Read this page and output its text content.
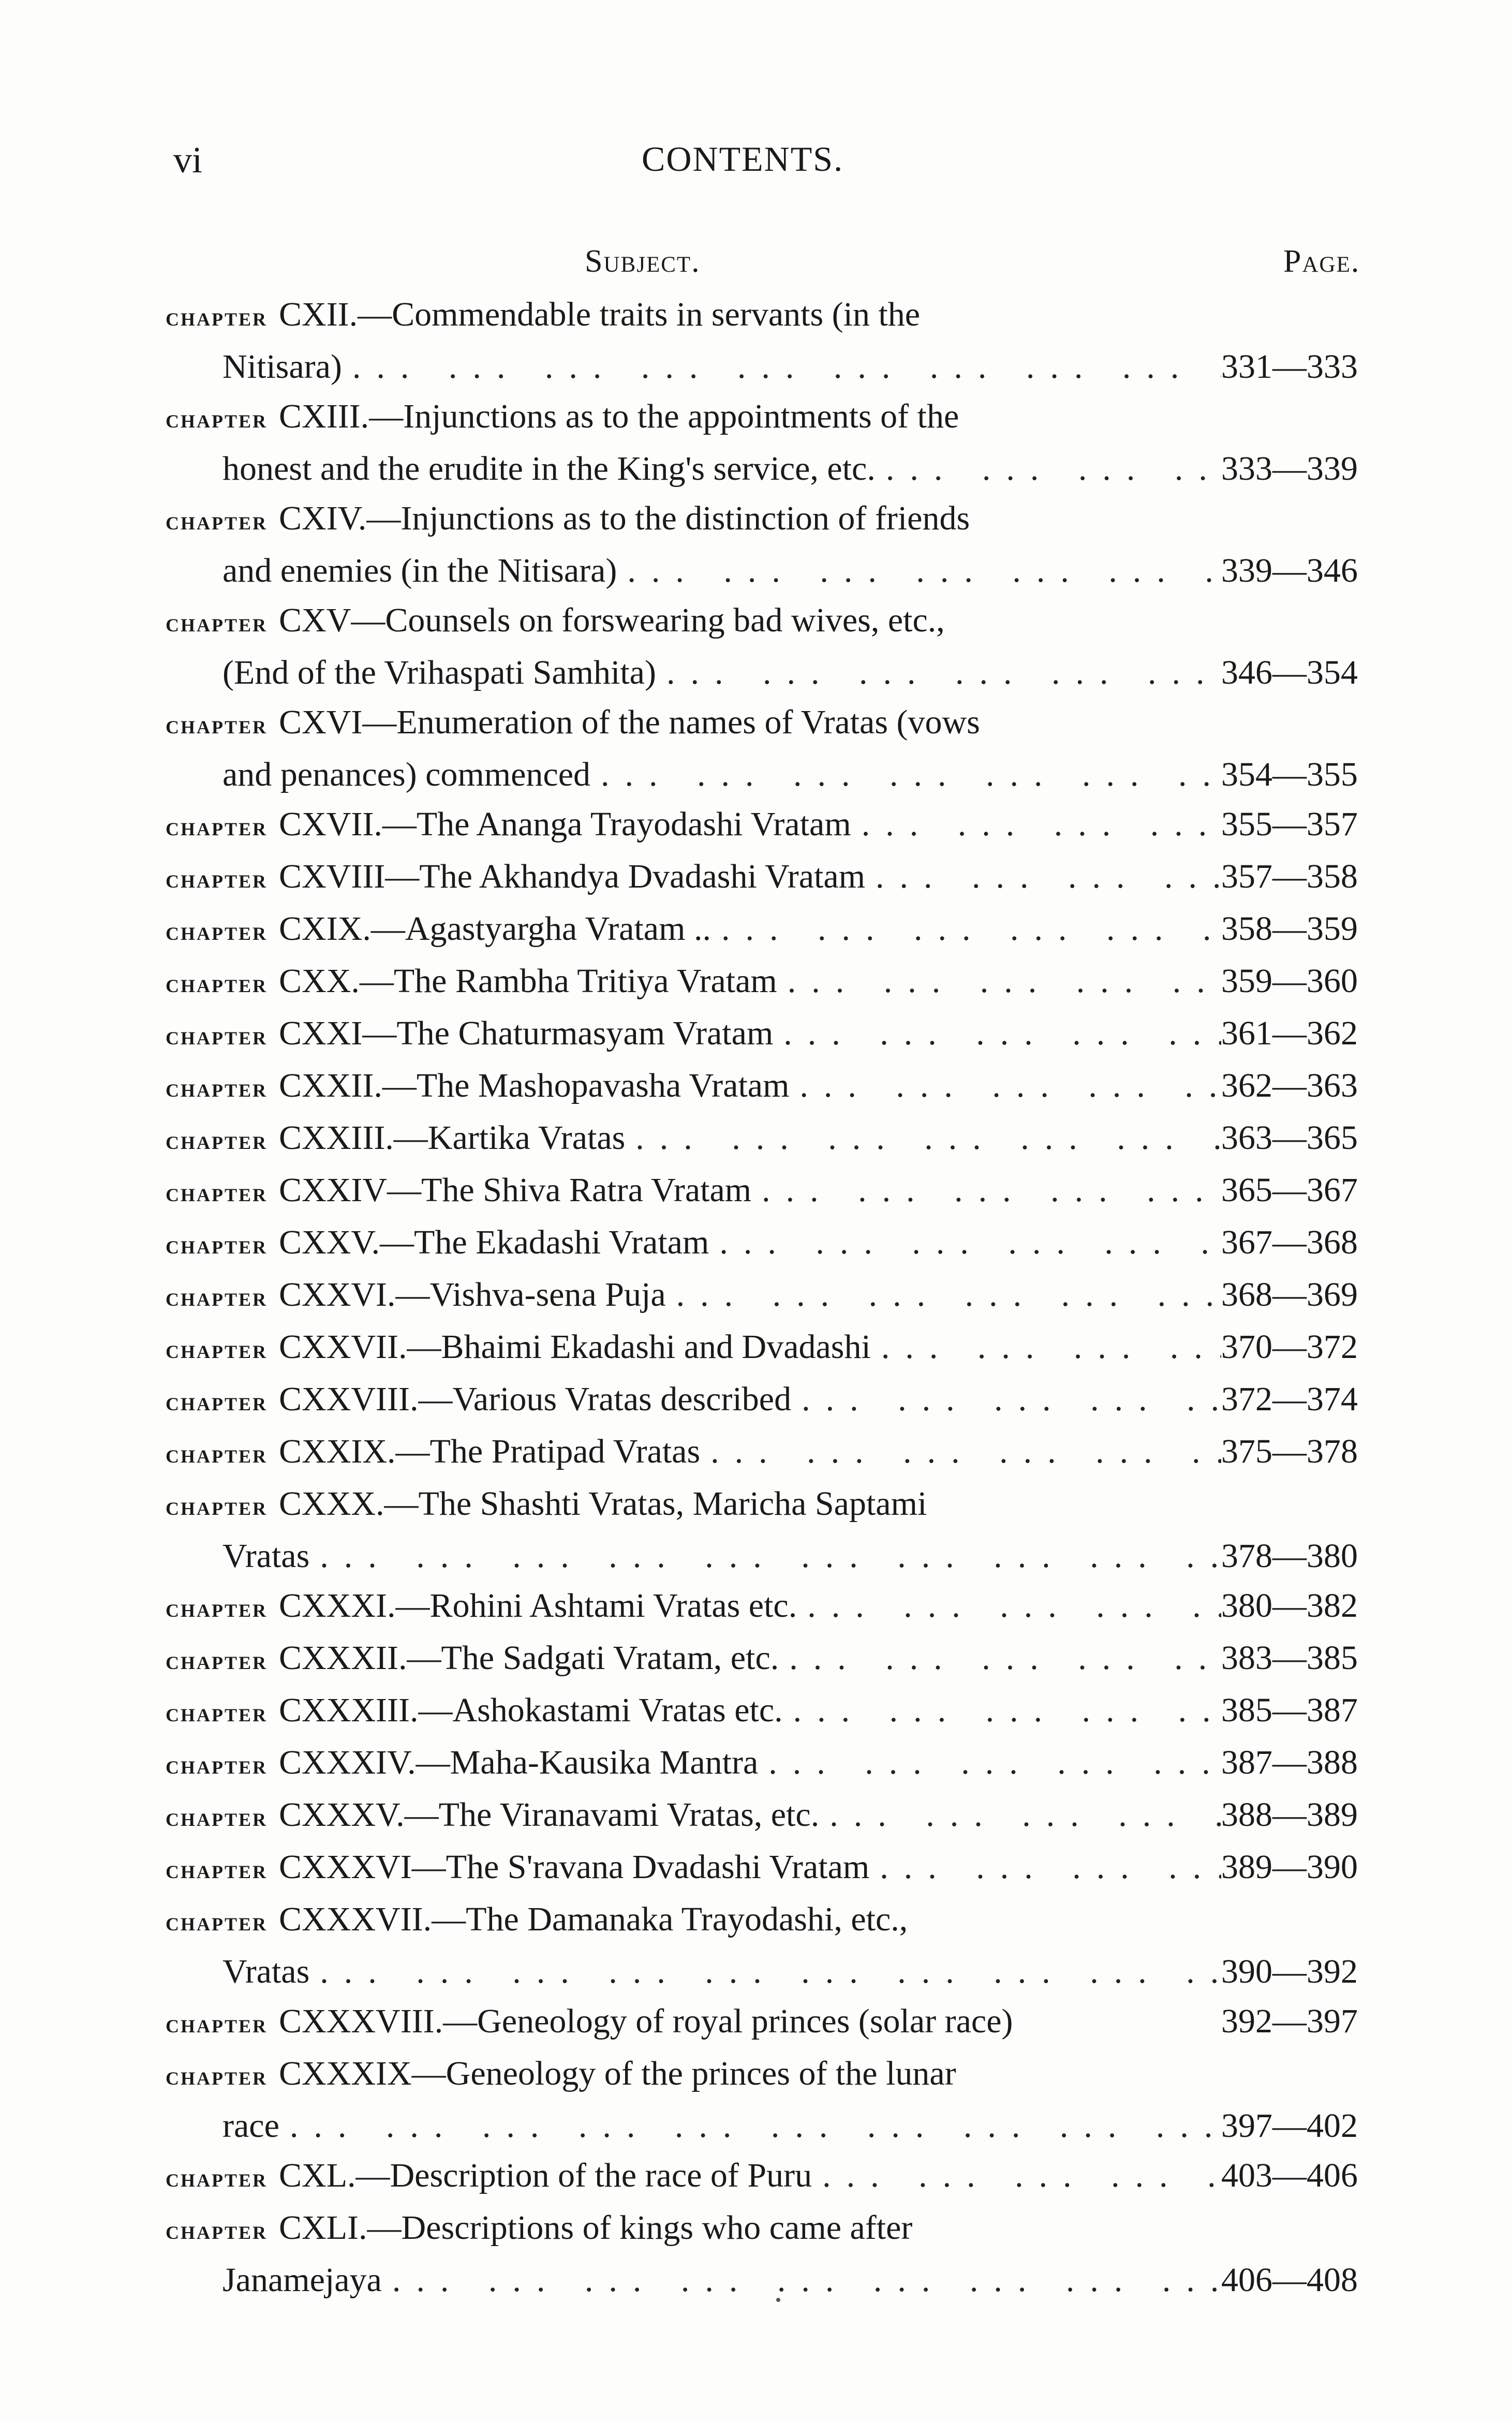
vi	CONTENTS.
Subject.	Page.
chapter CXII.—Commendable traits in servants (in the
Nitisara) ... .	331—333
chapter CXIII.—Injunctions as to the appointments of the
honest and the erudite in the King's service, etc. ... .	333—339
chapter CXIV.—Injunctions as to the distinction of friends
and enemies (in the Nitisara) ... .	339—346
chapter CXV—Counsels on forswearing bad wives, etc.,
(End of the Vrihaspati Samhita) ... .	346—354
chapter CXVI—Enumeration of the names of Vratas (vows
and penances) commenced ... .	354—355
chapter CXVII.—The Ananga Trayodashi Vratam ... .	355—357
chapter CXVIII—The Akhandya Dvadashi Vratam ... .	357—358
chapter CXIX.—Agastyargha Vratam .. ... .	358—359
chapter CXX.—The Rambha Tritiya Vratam ... .	359—360
chapter CXXI—The Chaturmasyam Vratam ... .	361—362
chapter CXXII.—The Mashopavasha Vratam ... .	362—363
chapter CXXIII.—Kartika Vratas ... .	363—365
chapter CXXIV—The Shiva Ratra Vratam ... .	365—367
chapter CXXV.—The Ekadashi Vratam ... .	367—368
chapter CXXVI.—Vishva-sena Puja ... .	368—369
chapter CXXVII.—Bhaimi Ekadashi and Dvadashi ... .	370—372
chapter CXXVIII.—Various Vratas described ... .	372—374
chapter CXXIX.—The Pratipad Vratas ... .	375—378
chapter CXXX.—The Shashti Vratas, Maricha Saptami
Vratas ... .	378—380
chapter CXXXI.—Rohini Ashtami Vratas etc. ... .	380—382
chapter CXXXII.—The Sadgati Vratam, etc. ... .	383—385
chapter CXXXIII.—Ashokastami Vratas etc. ... .	385—387
chapter CXXXIV.—Maha-Kausika Mantra ... .	387—388
chapter CXXXV.—The Viranavami Vratas, etc. ... .	388—389
chapter CXXXVI—The S'ravana Dvadashi Vratam ... .	389—390
chapter CXXXVII.—The Damanaka Trayodashi, etc.,
Vratas ... .	390—392
chapter CXXXVIII.—Geneology of royal princes (solar race)	392—397
chapter CXXXIX—Geneology of the princes of the lunar
race ... .	397—402
chapter CXL.—Description of the race of Puru ... .	403—406
chapter CXLI.—Descriptions of kings who came after
Janamejaya ... .	406—408
